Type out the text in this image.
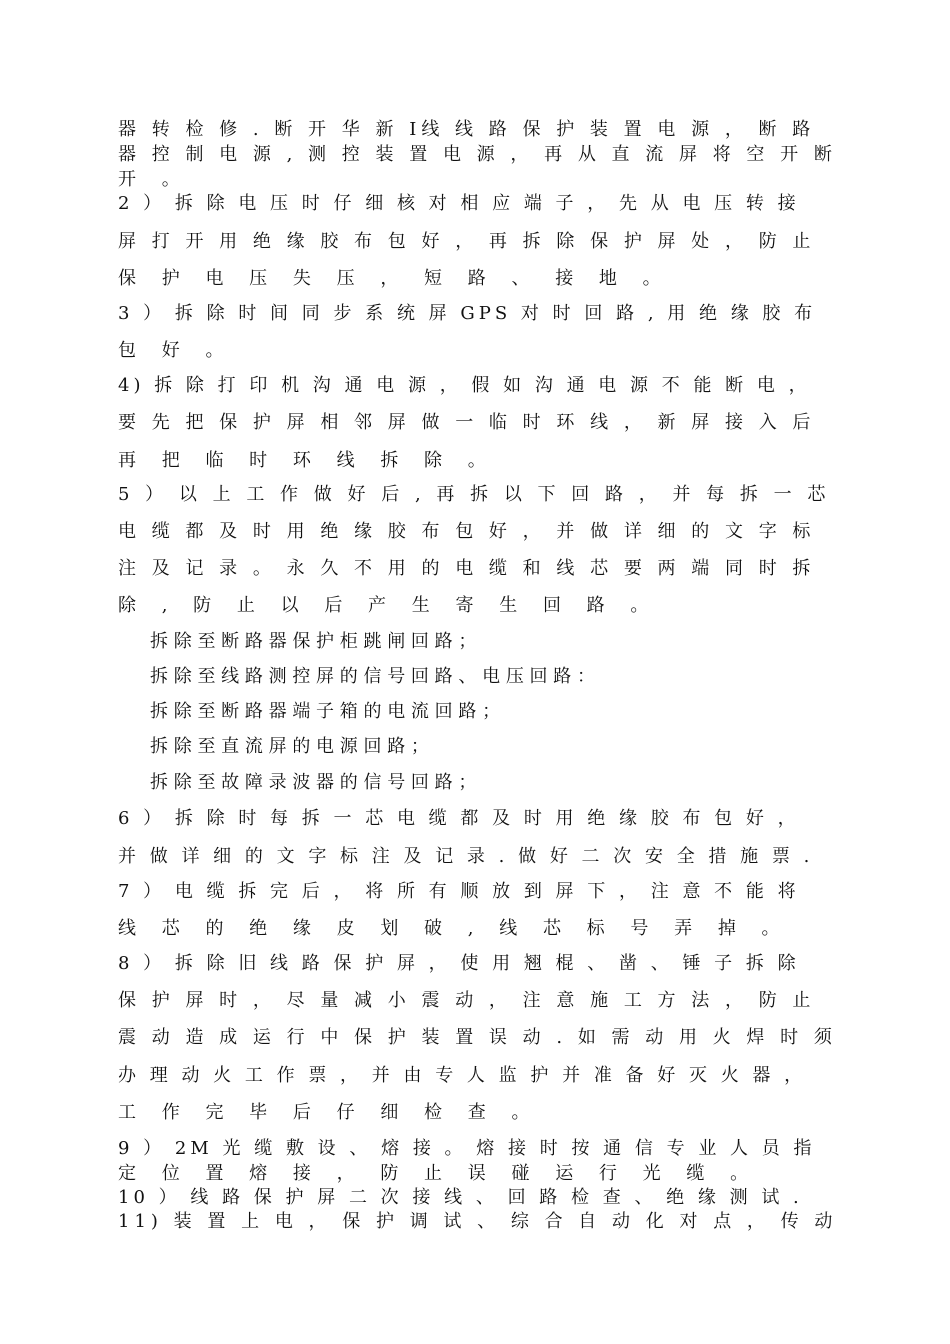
器 转 检 修 . 断 开 华 新 Ⅰ线 线 路 保 护 装 置 电 源 ， 断 路
器 控 制 电 源 , 测 控 装 置 电 源 ， 再 从 直 流 屏 将 空 开 断
开 。
2 ） 拆 除 电 压 时 仔 细 核 对 相 应 端 子 ， 先 从 电 压 转 接
屏 打 开 用 绝 缘 胶 布 包 好 ， 再 拆 除 保 护 屏 处 ， 防 止
保 护 电 压 失 压 ， 短 路 、 接 地 。
3 ） 拆 除 时 间 同 步 系 统 屏 GPS 对 时 回 路 , 用 绝 缘 胶 布
包 好 。
4) 拆 除 打 印 机 沟 通 电 源 ， 假 如 沟 通 电 源 不 能 断 电 ，
要 先 把 保 护 屏 相 邻 屏 做 一 临 时 环 线 ， 新 屏 接 入 后
再 把 临 时 环 线 拆 除 。
5 ） 以 上 工 作 做 好 后 , 再 拆 以 下 回 路 ， 并 每 拆 一 芯
电 缆 都 及 时 用 绝 缘 胶 布 包 好 ， 并 做 详 细 的 文 字 标
注 及 记 录 。 永 久 不 用 的 电 缆 和 线 芯 要 两 端 同 时 拆
除 , 防 止 以 后 产 生 寄 生 回 路 。
拆 除 至 断 路 器 保 护 柜 跳 闸 回 路 ；
拆 除 至 线 路 测 控 屏 的 信 号 回 路 、 电 压 回 路 ：
拆 除 至 断 路 器 端 子 箱 的 电 流 回 路 ；
拆 除 至 直 流 屏 的 电 源 回 路 ；
拆 除 至 故 障 录 波 器 的 信 号 回 路 ；
6 ） 拆 除 时 每 拆 一 芯 电 缆 都 及 时 用 绝 缘 胶 布 包 好 ，
并 做 详 细 的 文 字 标 注 及 记 录 . 做 好 二 次 安 全 措 施 票 .
7 ） 电 缆 拆 完 后 ， 将 所 有 顺 放 到 屏 下 ， 注 意 不 能 将
线 芯 的 绝 缘 皮 划 破 , 线 芯 标 号 弄 掉 。
8 ） 拆 除 旧 线 路 保 护 屏 ， 使 用 翘 棍 、 凿 、 锤 子 拆 除
保 护 屏 时 ， 尽 量 减 小 震 动 ， 注 意 施 工 方 法 ， 防 止
震 动 造 成 运 行 中 保 护 装 置 误 动 . 如 需 动 用 火 焊 时 须
办 理 动 火 工 作 票 ， 并 由 专 人 监 护 并 准 备 好 灭 火 器 ，
工 作 完 毕 后 仔 细 检 查 。
9 ） 2M 光 缆 敷 设 、 熔 接 。 熔 接 时 按 通 信 专 业 人 员 指
定 位 置 熔 接 ， 防 止 误 碰 运 行 光 缆 。
10 ） 线 路 保 护 屏 二 次 接 线 、 回 路 检 查 、 绝 缘 测 试 .
11) 装 置 上 电 ， 保 护 调 试 、 综 合 自 动 化 对 点 ， 传 动
